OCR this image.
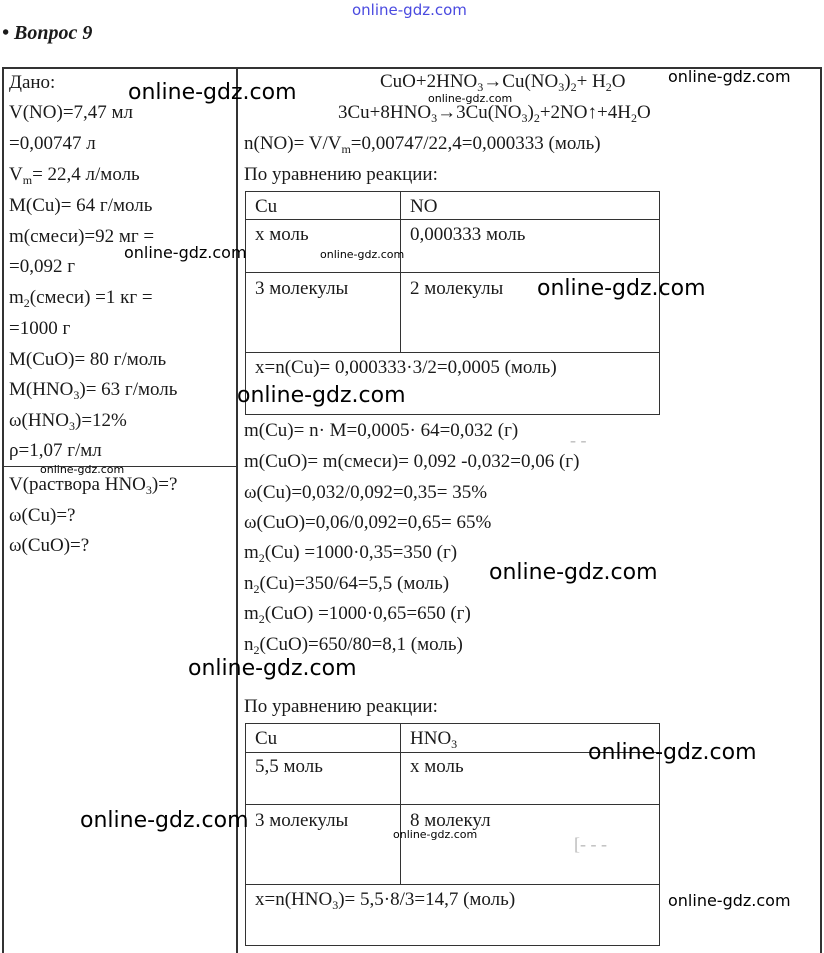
online-gdz.com
• Вопрос 9
Дано:
V(NO)=7,47 мл
=0,00747 л
$V_m= 22,4$ л/моль
M(Cu)= 64 г/моль
m(смеси)=92 мг =
=0,092 г
$m_2(смеси) =1$ кг =
=1000 г
M(CuO)= 80 г/моль
$M(HNO_3)= 63$ г/моль
$\omega(HNO_3)=12\%$
ρ=1,07 г/мл
V(раствора $HNO_3)=$?
ω(Cu)=?
ω(CuO)=?
$CuO+2HNO_3\to Cu(NO_3)_2+ H_2O$
$3Cu+8HNO_3\to 3Cu(NO_3)_2+2NO↑+4H_2O$
$n(NO)= V/V_m=0,00747/22,4=0,000333$ (моль)
По уравнению реакции:
Cu	NO
x моль	0,000333 моль
3 молекулы	2 молекулы
x=n(Cu)= 0,000333·3/2=0,0005 (моль)
m(Cu)= n· M=0,0005· 64=0,032 (г)
m(CuO)= m(смеси)= 0,092 -0,032=0,06 (г)
ω(Cu)=0,032/0,092=0,35= 35%
ω(CuO)=0,06/0,092=0,65= 65%
$m_2(Cu) =1000\cdot 0,35=350$ (г)
$n_2(Cu)=350/64=5,5$ (моль)
$m_2(CuO) =1000\cdot 0,65=650$ (г)
$n_2(CuO)=650/80=8,1$ (моль)
По уравнению реакции:
Cu	$HNO_3$
5,5 моль	x моль
3 молекулы	8 молекул
$x=n(HNO_3)= 5,5\cdot 8/3=14,7$ (моль)
- -
[- - -
online-gdz.com
online-gdz.com
online-gdz.com
online-gdz.com	online-gdz.com
online-gdz.com
online-gdz.com
online-gdz.com
online-gdz.com
online-gdz.com
online-gdz.com
online-gdz.com
online-gdz.com
online-gdz.com
